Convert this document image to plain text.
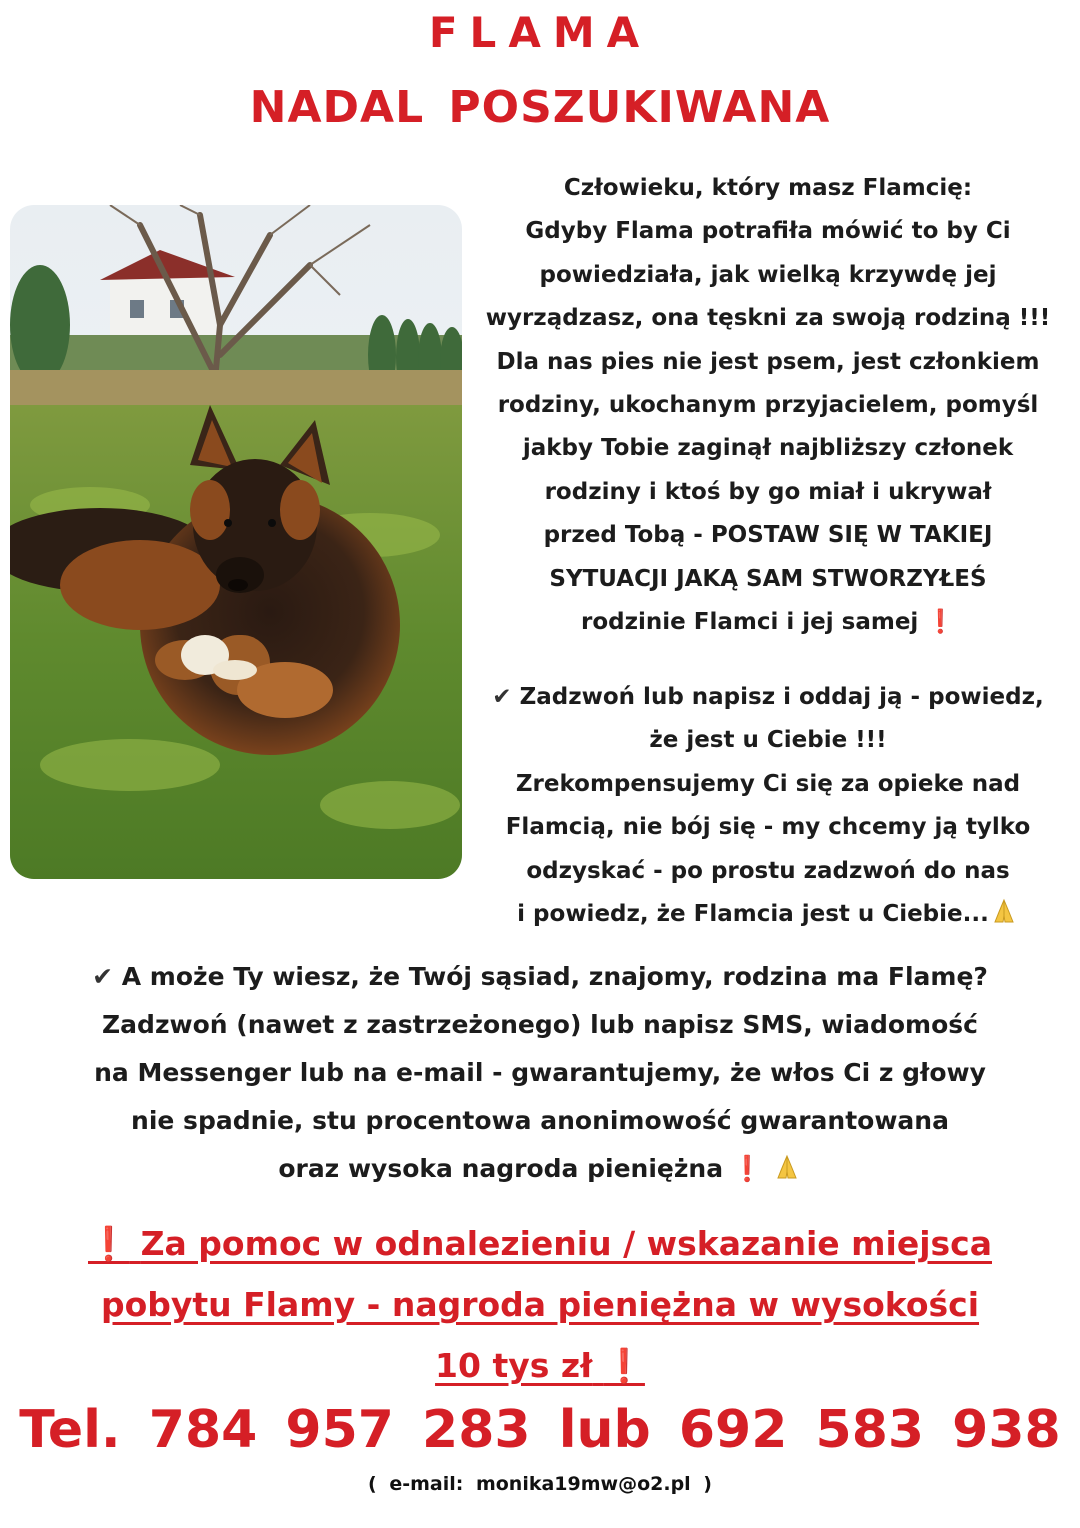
FLAMA
NADAL POSZUKIWANA
Człowieku, który masz Flamcię:
Gdyby Flama potrafiła mówić to by Ci
powiedziała, jak wielką krzywdę jej
wyrządzasz, ona tęskni za swoją rodziną !!!
Dla nas pies nie jest psem, jest członkiem
rodziny, ukochanym przyjacielem, pomyśl
jakby Tobie zaginął najbliższy członek
rodziny i ktoś by go miał i ukrywał
przed Tobą - POSTAW SIĘ W TAKIEJ
SYTUACJI JAKĄ SAM STWORZYŁEŚ
rodzinie Flamci i jej samej ❗
✔ Zadzwoń lub napisz i oddaj ją - powiedz,
że jest u Ciebie !!!
Zrekompensujemy Ci się za opieke nad
Flamcią, nie bój się - my chcemy ją tylko
odzyskać - po prostu zadzwoń do nas
i powiedz, że Flamcia jest u Ciebie...
✔ A może Ty wiesz, że Twój sąsiad, znajomy, rodzina ma Flamę?
Zadzwoń (nawet z zastrzeżonego) lub napisz SMS, wiadomość
na Messenger lub na e-mail - gwarantujemy, że włos Ci z głowy
nie spadnie, stu procentowa anonimowość gwarantowana
oraz wysoka nagroda pieniężna ❗
❗ Za pomoc w odnalezieniu / wskazanie miejsca
pobytu Flamy - nagroda pieniężna w wysokości
10 tys zł ❗
Tel. 784 957 283 lub 692 583 938
( e-mail: monika19mw@o2.pl )
